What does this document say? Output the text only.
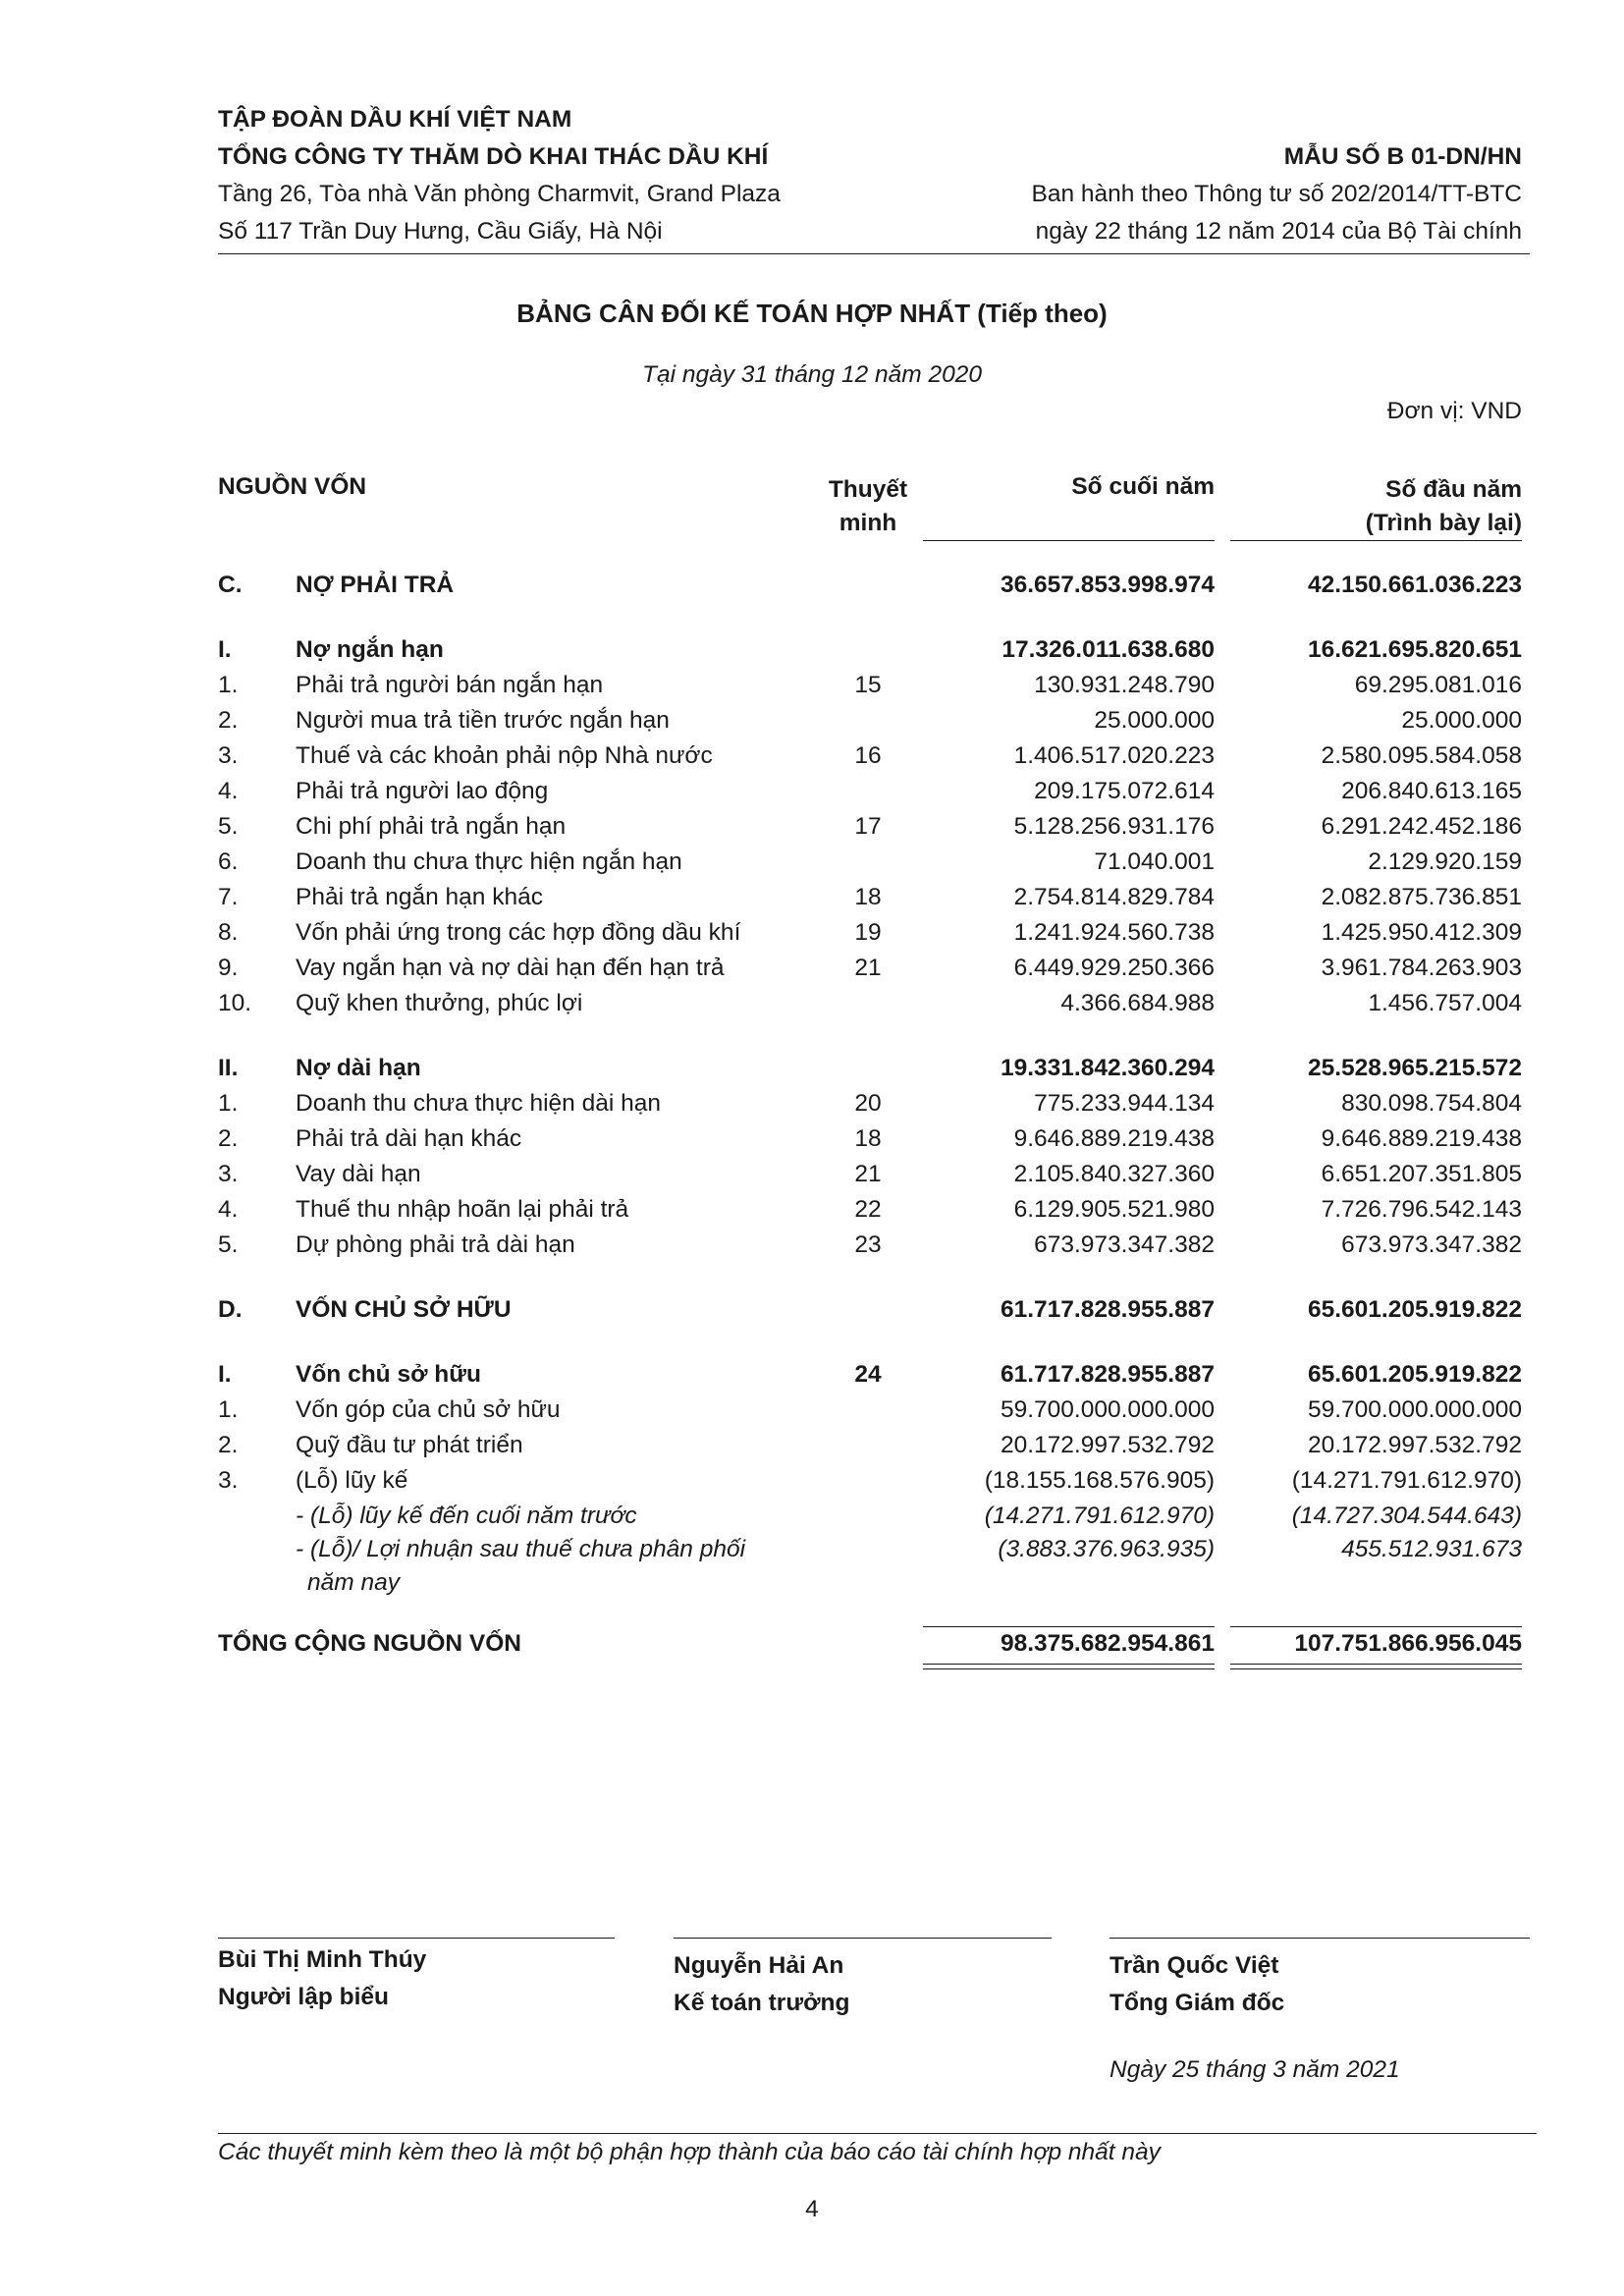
TẬP ĐOÀN DẦU KHÍ VIỆT NAM
TỔNG CÔNG TY THĂM DÒ KHAI THÁC DẦU KHÍ
Tầng 26, Tòa nhà Văn phòng Charmvit, Grand Plaza
Số 117 Trần Duy Hưng, Cầu Giấy, Hà Nội
MẪU SỐ B 01-DN/HN
Ban hành theo Thông tư số 202/2014/TT-BTC
ngày 22 tháng 12 năm 2014 của Bộ Tài chính
BẢNG CÂN ĐỐI KẾ TOÁN HỢP NHẤT (Tiếp theo)
Tại ngày 31 tháng 12 năm 2020
Đơn vị: VND
NGUỒN VỐN	Thuyết
minh
Số cuối năm	Số đầu năm
(Trình bày lại)
C. NỢ PHẢI TRẢ	36.657.853.998.974	42.150.661.036.223
I.	Nợ ngắn hạn	17.326.011.638.680	16.621.695.820.651
1. Phải trả người bán ngắn hạn	15	130.931.248.790	69.295.081.016
2. Người mua trả tiền trước ngắn hạn	25.000.000	25.000.000
3. Thuế và các khoản phải nộp Nhà nước	16	1.406.517.020.223	2.580.095.584.058
4. Phải trả người lao động	209.175.072.614	206.840.613.165
5. Chi phí phải trả ngắn hạn	17	5.128.256.931.176	6.291.242.452.186
6. Doanh thu chưa thực hiện ngắn hạn	71.040.001	2.129.920.159
7. Phải trả ngắn hạn khác	18	2.754.814.829.784	2.082.875.736.851
8. Vốn phải ứng trong các hợp đồng dầu khí	19	1.241.924.560.738	1.425.950.412.309
9. Vay ngắn hạn và nợ dài hạn đến hạn trả	21	6.449.929.250.366	3.961.784.263.903
10. Quỹ khen thưởng, phúc lợi	4.366.684.988	1.456.757.004
II. Nợ dài hạn	19.331.842.360.294	25.528.965.215.572
1. Doanh thu chưa thực hiện dài hạn	20	775.233.944.134	830.098.754.804
2. Phải trả dài hạn khác	18	9.646.889.219.438	9.646.889.219.438
3. Vay dài hạn	21	2.105.840.327.360	6.651.207.351.805
4. Thuế thu nhập hoãn lại phải trả	22	6.129.905.521.980	7.726.796.542.143
5. Dự phòng phải trả dài hạn	23	673.973.347.382	673.973.347.382
D. VỐN CHỦ SỞ HỮU	61.717.828.955.887	65.601.205.919.822
I.	Vốn chủ sở hữu	24	61.717.828.955.887	65.601.205.919.822
1. Vốn góp của chủ sở hữu	59.700.000.000.000	59.700.000.000.000
2. Quỹ đầu tư phát triển	20.172.997.532.792	20.172.997.532.792
3. (Lỗ) lũy kế	(18.155.168.576.905)	(14.271.791.612.970)
- (Lỗ) lũy kế đến cuối năm trước	(14.271.791.612.970)	(14.727.304.544.643)
- (Lỗ)/ Lợi nhuận sau thuế chưa phân phối
năm nay
(3.883.376.963.935)	455.512.931.673
TỔNG CỘNG NGUỒN VỐN	98.375.682.954.861	107.751.866.956.045
Bùi Thị Minh Thúy
Người lập biểu
Nguyễn Hải An
Kế toán trưởng
Trần Quốc Việt
Tổng Giám đốc
Ngày 25 tháng 3 năm 2021
Các thuyết minh kèm theo là một bộ phận hợp thành của báo cáo tài chính hợp nhất này
4
